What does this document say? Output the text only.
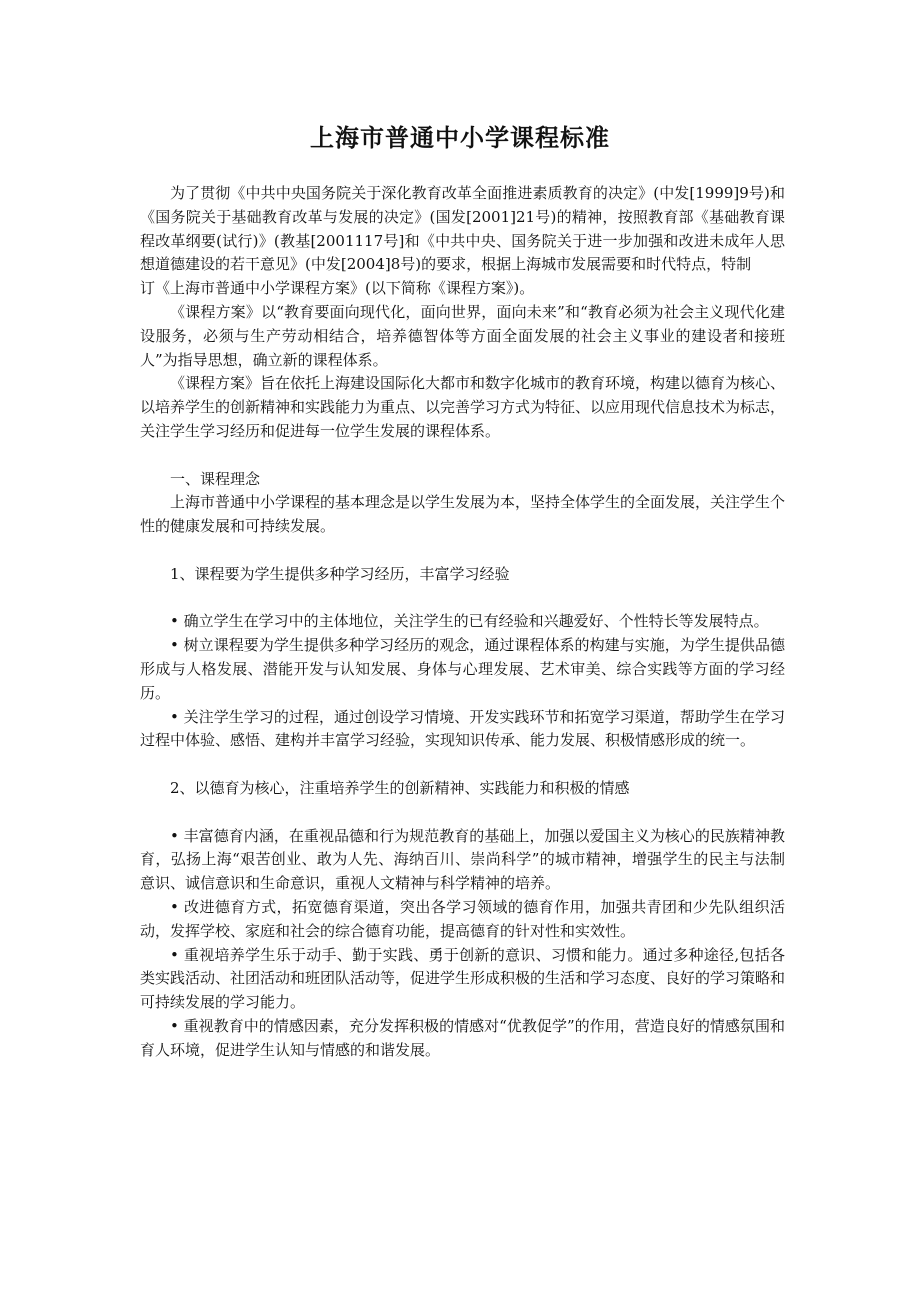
上海市普通中小学课程标准

为了贯彻《中共中央国务院关于深化教育改革全面推进素质教育的决定》(中发[1999]9号)和《国务院关于基础教育改革与发展的决定》(国发[2001]21号)的精神，按照教育部《基础教育课程改革纲要(试行)》(教基[2001117号]和《中共中央、国务院关于进一步加强和改进未成年人思想道德建设的若干意见》(中发[2004]8号)的要求，根据上海城市发展需要和时代特点，特制

订《上海市普通中小学课程方案》(以下简称《课程方案》)。

《课程方案》以“教育要面向现代化，面向世界，面向未来”和“教育必须为社会主义现代化建设服务，必须与生产劳动相结合，培养德智体等方面全面发展的社会主义事业的建设者和接班人”为指导思想，确立新的课程体系。

《课程方案》旨在依托上海建设国际化大都市和数字化城市的教育环境，构建以德育为核心、以培养学生的创新精神和实践能力为重点、以完善学习方式为特征、以应用现代信息技术为标志，关注学生学习经历和促进每一位学生发展的课程体系。

一、课程理念

上海市普通中小学课程的基本理念是以学生发展为本，坚持全体学生的全面发展，关注学生个性的健康发展和可持续发展。

1、课程要为学生提供多种学习经历，丰富学习经验

• 确立学生在学习中的主体地位，关注学生的已有经验和兴趣爱好、个性特长等发展特点。

• 树立课程要为学生提供多种学习经历的观念，通过课程体系的构建与实施，为学生提供品德形成与人格发展、潜能开发与认知发展、身体与心理发展、艺术审美、综合实践等方面的学习经历。

• 关注学生学习的过程，通过创设学习情境、开发实践环节和拓宽学习渠道，帮助学生在学习过程中体验、感悟、建构并丰富学习经验，实现知识传承、能力发展、积极情感形成的统一。

2、以德育为核心，注重培养学生的创新精神、实践能力和积极的情感

• 丰富德育内涵，在重视品德和行为规范教育的基础上，加强以爱国主义为核心的民族精神教育，弘扬上海“艰苦创业、敢为人先、海纳百川、崇尚科学”的城市精神，增强学生的民主与法制意识、诚信意识和生命意识，重视人文精神与科学精神的培养。

• 改进德育方式，拓宽德育渠道，突出各学习领域的德育作用，加强共青团和少先队组织活动，发挥学校、家庭和社会的综合德育功能，提高德育的针对性和实效性。

• 重视培养学生乐于动手、勤于实践、勇于创新的意识、习惯和能力。通过多种途径,包括各类实践活动、社团活动和班团队活动等，促进学生形成积极的生活和学习态度、良好的学习策略和可持续发展的学习能力。

• 重视教育中的情感因素，充分发挥积极的情感对“优教促学”的作用，营造良好的情感氛围和育人环境，促进学生认知与情感的和谐发展。
